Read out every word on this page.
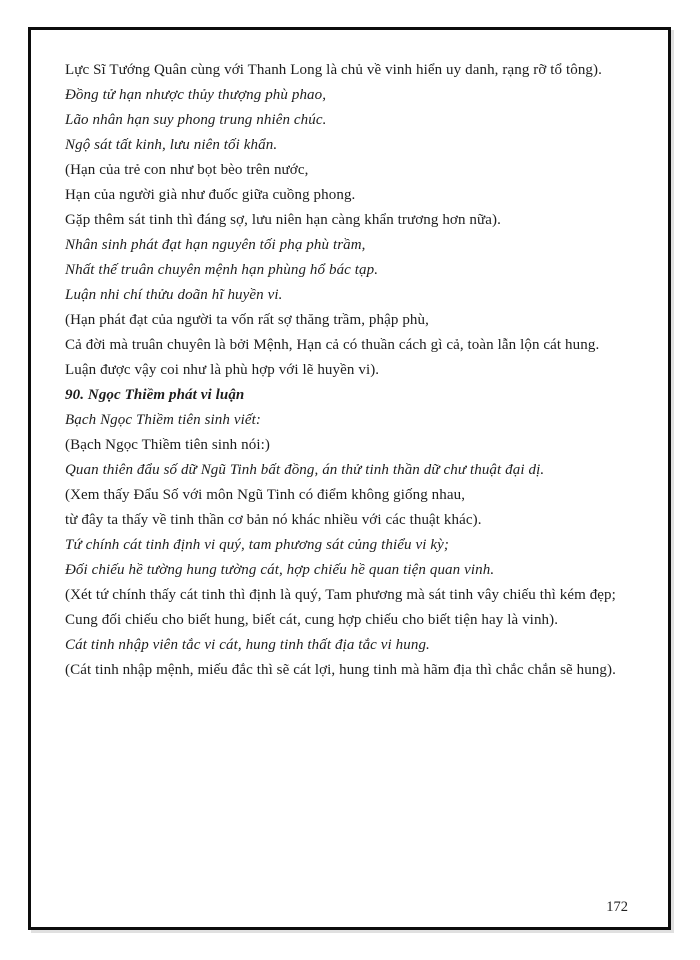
Lực Sĩ Tướng Quân cùng với Thanh Long là chủ về vinh hiển uy danh, rạng rỡ tổ tông).

Đồng tử hạn nhược thủy thượng phù phao,

Lão nhân hạn suy phong trung nhiên chúc.

Ngộ sát tất kinh, lưu niên tối khẩn.

(Hạn của trẻ con như bọt bèo trên nước,

Hạn của người già như đuốc giữa cuồng phong.

Gặp thêm sát tinh thì đáng sợ, lưu niên hạn càng khẩn trương hơn nữa).

Nhân sinh phát đạt hạn nguyên tối phạ phù trầm,

Nhất thế truân chuyên mệnh hạn phùng hổ bác tạp.

Luận nhi chí thửu doãn hĩ huyền vi.

(Hạn phát đạt của người ta vốn rất sợ thăng trầm, phập phù,

Cả đời mà truân chuyên là bởi Mệnh, Hạn cả có thuần cách gì cả, toàn lẫn lộn cát hung.

Luận được vậy coi như là phù hợp với lẽ huyền vi).

90. Ngọc Thiềm phát vi luận

Bạch Ngọc Thiềm tiên sinh viết:

(Bạch Ngọc Thiềm tiên sinh nói:)

Quan thiên đẩu số dữ Ngũ Tinh bất đồng, án thử tinh thần dữ chư thuật đại dị.

(Xem thấy Đẩu Số với môn Ngũ Tinh có điểm không giống nhau,

từ đây ta thấy về tinh thần cơ bản nó khác nhiều với các thuật khác).

Tứ chính cát tinh định vi quý, tam phương sát củng thiểu vi kỳ;

Đối chiếu hề tường hung tường cát, hợp chiếu hề quan tiện quan vinh.

(Xét tứ chính thấy cát tinh thì định là quý, Tam phương mà sát tinh vây chiếu thì kém đẹp;

Cung đối chiếu cho biết hung, biết cát, cung hợp chiếu cho biết tiện hay là vinh).

Cát tinh nhập viên tắc vi cát, hung tinh thất địa tắc vi hung.

(Cát tinh nhập mệnh, miếu đắc thì sẽ cát lợi, hung tinh mà hãm địa thì chắc chắn sẽ hung).

172
